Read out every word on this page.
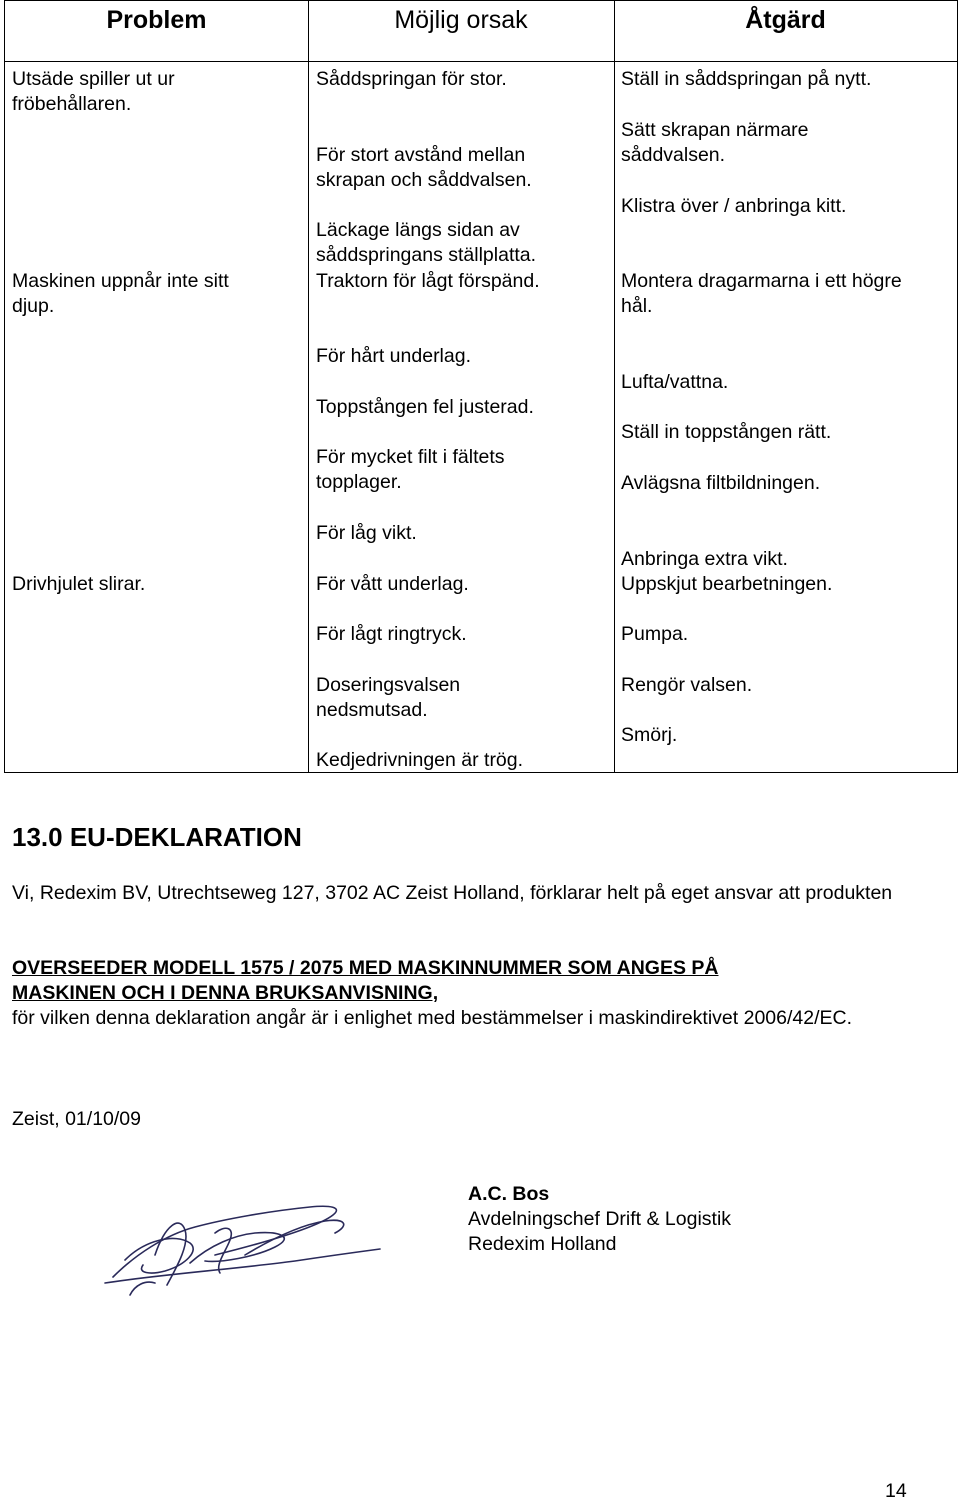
Problem	Möjlig orsak	Åtgärd
Utsäde spiller ut ur
fröbehållaren.
Maskinen uppnår inte sitt
djup.
Drivhjulet slirar.
Såddspringan för stor.
För stort avstånd mellan
skrapan och såddvalsen.
Läckage längs sidan av
såddspringans ställplatta.
Traktorn för lågt förspänd.
För hårt underlag.
Toppstången fel justerad.
För mycket filt i fältets
topplager.
För låg vikt.
För vått underlag.
För lågt ringtryck.
Doseringsvalsen
nedsmutsad.
Kedjedrivningen är trög.
Ställ in såddspringan på nytt.
Sätt skrapan närmare
såddvalsen.
Klistra över / anbringa kitt.
Montera dragarmarna i ett högre
hål.
Lufta/vattna.
Ställ in toppstången rätt.
Avlägsna filtbildningen.
Anbringa extra vikt.
Uppskjut bearbetningen.
Pumpa.
Rengör valsen.
Smörj.
13.0 EU-DEKLARATION
Vi, Redexim BV, Utrechtseweg 127, 3702 AC Zeist Holland, förklarar helt på eget ansvar att produkten
OVERSEEDER MODELL 1575 / 2075 MED MASKINNUMMER SOM ANGES PÅ
MASKINEN OCH I DENNA BRUKSANVISNING,
för vilken denna deklaration angår är i enlighet med bestämmelser i maskindirektivet 2006/42/EC.
Zeist, 01/10/09
A.C. Bos
Avdelningschef Drift & Logistik
Redexim Holland
14
